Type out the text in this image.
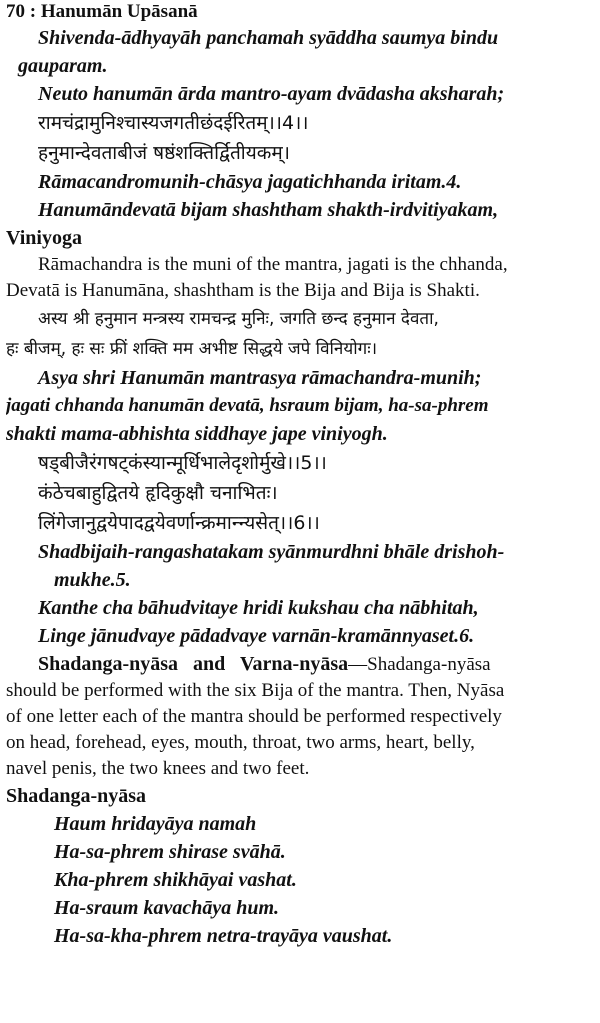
70 : Hanumān Upāsanā
Shivenda-ādhyayāh panchamah syāddha saumya bindu
gauparam.
Neuto hanumān ārda mantro-ayam dvādasha aksharah;
रामचंद्रामुनिश्चास्यजगतीछंदईरितम्।।4।।
हनुमान्देवताबीजं षष्ठंशक्तिर्द्वितीयकम्।
Rāmacandromunih-chāsya jagatichhanda iritam.4.
Hanumāndevatā bijam shashtham shakth-irdvitiyakam,
Viniyoga
Rāmachandra is the muni of the mantra, jagati is the chhanda,
Devatā is Hanumāna, shashtham is the Bija and Bija is Shakti.
अस्य श्री हनुमान मन्त्रस्य रामचन्द्र मुनिः, जगति छन्द हनुमान देवता,
हः बीजम्, हः सः फ्रीं शक्ति मम अभीष्ट सिद्धये जपे विनियोगः।
Asya shri Hanumān mantrasya rāmachandra-munih;
jagati chhanda hanumān devatā, hsraum bijam, ha-sa-phrem
shakti mama-abhishta siddhaye jape viniyogh.
षड्बीजैरंगषट्कंस्यान्मूर्धिभालेदृशोर्मुखे।।5।।
कंठेचबाहुद्वितये हृदिकुक्षौ चनाभितः।
लिंगेजानुद्वयेपादद्वयेवर्णान्क्रमान्न्यसेत्।।6।।
Shadbijaih-rangashatakam syānmurdhni bhāle drishoh-
mukhe.5.
Kanthe cha bāhudvitaye hridi kukshau cha nābhitah,
Linge jānudvaye pādadvaye varnān-kramānnyaset.6.
Shadanga-nyāsa   and   Varna-nyāsa—Shadanga-nyāsa
should be performed with the six Bija of the mantra. Then, Nyāsa
of one letter each of the mantra should be performed respectively
on head, forehead, eyes, mouth, throat, two arms, heart, belly,
navel penis, the two knees and two feet.
Shadanga-nyāsa
Haum hridayāya namah
Ha-sa-phrem shirase svāhā.
Kha-phrem shikhāyai vashat.
Ha-sraum kavachāya hum.
Ha-sa-kha-phrem netra-trayāya vaushat.
